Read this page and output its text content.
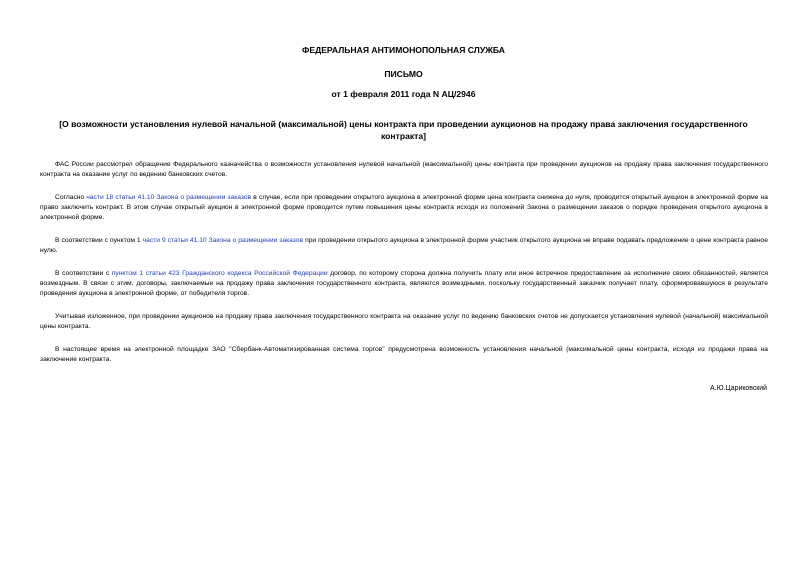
ФЕДЕРАЛЬНАЯ АНТИМОНОПОЛЬНАЯ СЛУЖБА
ПИСЬМО
от 1 февраля 2011 года N АЦ/2946
[О возможности установления нулевой начальной (максимальной) цены контракта при проведении аукционов на продажу права заключения государственного контракта]

ФАС России рассмотрел обращение Федерального казначейства о возможности установления нулевой начальной (максимальной) цены контракта при проведении аукционов на продажу права заключения государственного контракта на оказание услуг по ведению банковских счетов.

Согласно части 18 статьи 41.10 Закона о размещении заказов в случае, если при проведении открытого аукциона в электронной форме цена контракта снижена до нуля, проводится открытый аукцион в электронной форме на право заключить контракт. В этом случае открытый аукцион в электронной форме проводится путем повышения цены контракта исходя из положений Закона о размещении заказов о порядке проведения открытого аукциона в электронной форме.

В соответствии с пунктом 1 части 9 статьи 41.10 Закона о размещении заказов при проведении открытого аукциона в электронной форме участник открытого аукциона не вправе подавать предложение о цене контракта равное нулю.

В соответствии с пунктом 1 статьи 423 Гражданского кодекса Российской Федерации договор, по которому сторона должна получить плату или иное встречное предоставление за исполнение своих обязанностей, является возмездным. В связи с этим, договоры, заключаемые на продажу права заключения государственного контракта, являются возмездными, поскольку государственный заказчик получает плату, сформировавшуюся в результате проведения аукциона в электронной форме, от победителя торгов.

Учитывая изложенное, при проведении аукционов на продажу права заключения государственного контракта на оказание услуг по ведению банковских счетов не допускается установления нулевой (начальной) максимальной цены контракта.

В настоящее время на электронной площадке ЗАО "Сбербанк-Автоматизированная система торгов" предусмотрена возможность установления начальной (максимальной цены контракта, исходя из продажи права на заключение контракта.

А.Ю.Цариковский
